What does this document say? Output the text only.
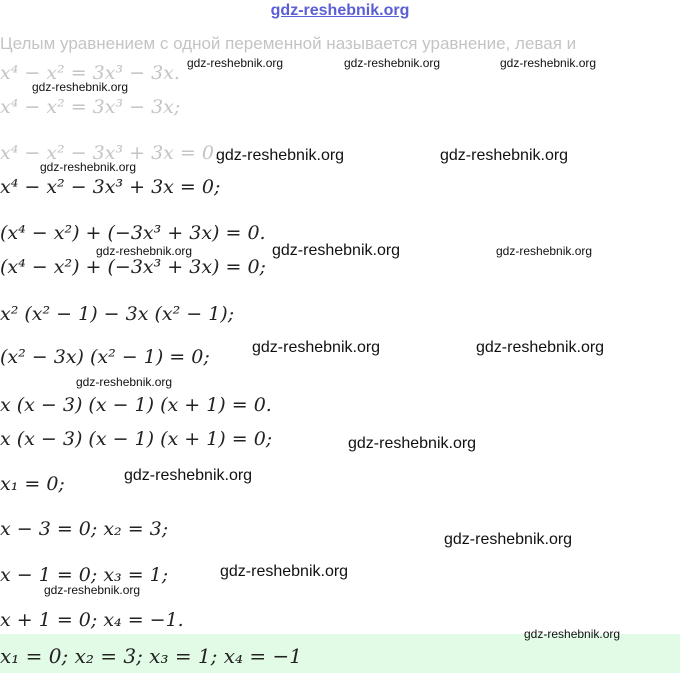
gdz-reshebnik.org
Целым уравнением с одной переменной называется уравнение, левая и
x⁴ − x² = 3x³ − 3x.
x⁴ − x² = 3x³ − 3x;
x⁴ − x² − 3x³ + 3x = 0.
x⁴ − x² − 3x³ + 3x = 0;
(x⁴ − x²) + (−3x³ + 3x) = 0.
(x⁴ − x²) + (−3x³ + 3x) = 0;
x² (x² − 1) − 3x (x² − 1);
(x² − 3x) (x² − 1) = 0;
x (x − 3) (x − 1) (x + 1) = 0.
x (x − 3) (x − 1) (x + 1) = 0;
x₁ = 0;
x − 3 = 0; x₂ = 3;
x − 1 = 0; x₃ = 1;
x + 1 = 0; x₄ = −1.
x₁ = 0; x₂ = 3; x₃ = 1; x₄ = −1
gdz-reshebnik.org	gdz-reshebnik.org	gdz-reshebnik.org
gdz-reshebnik.org
gdz-reshebnik.org	gdz-reshebnik.org
gdz-reshebnik.org
gdz-reshebnik.org	gdz-reshebnik.org	gdz-reshebnik.org
gdz-reshebnik.org	gdz-reshebnik.org
gdz-reshebnik.org
gdz-reshebnik.org
gdz-reshebnik.org
gdz-reshebnik.org
gdz-reshebnik.org
gdz-reshebnik.org
gdz-reshebnik.org
